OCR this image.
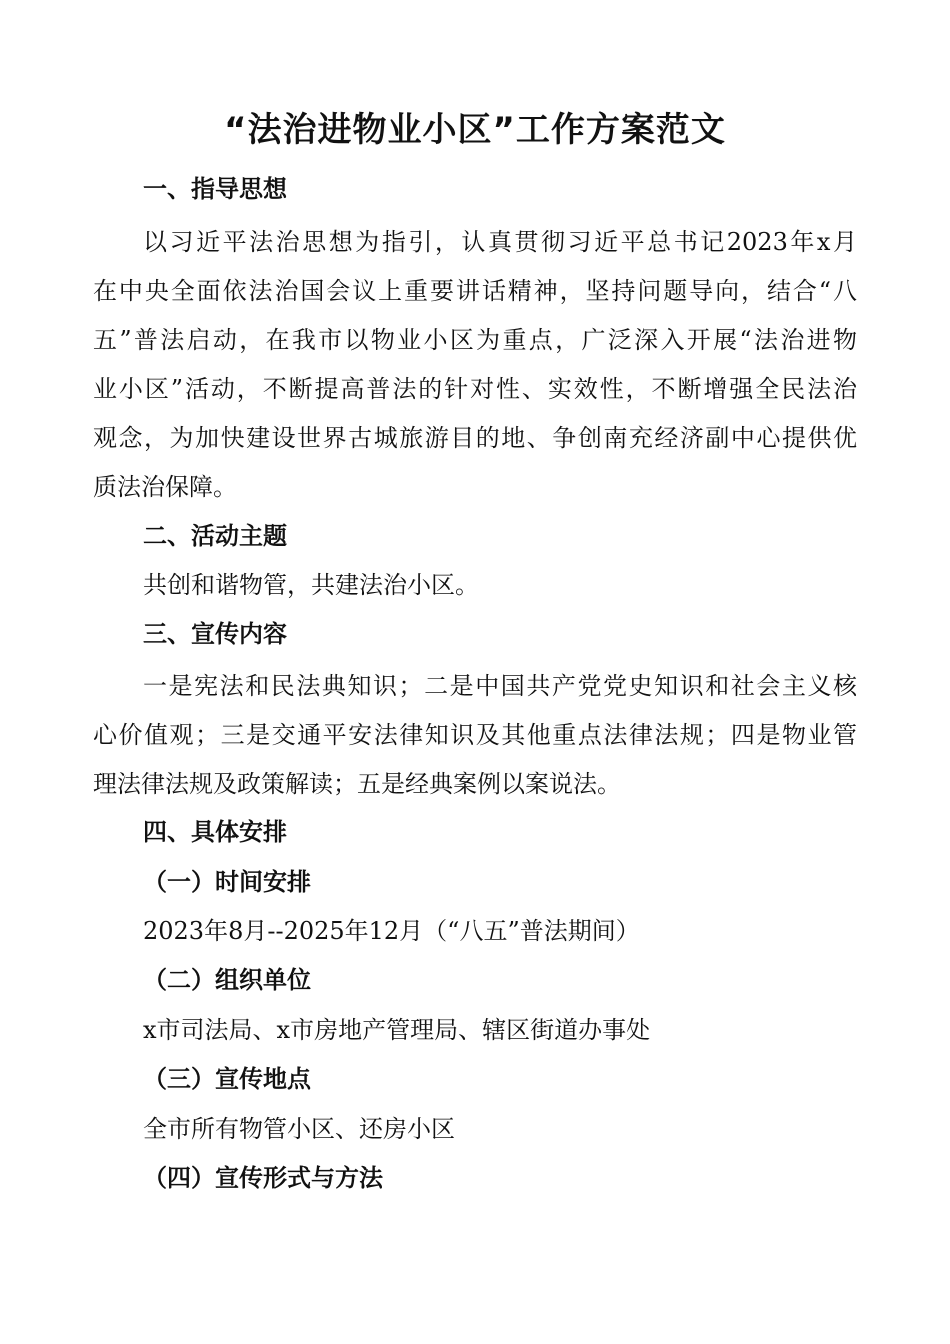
“法治进物业小区”工作方案范文
一、指导思想
以习近平法治思想为指引，认真贯彻习近平总书记2023年x月
在中央全面依法治国会议上重要讲话精神，坚持问题导向，结合“八
五”普法启动，在我市以物业小区为重点，广泛深入开展“法治进物
业小区”活动，不断提高普法的针对性、实效性，不断增强全民法治
观念，为加快建设世界古城旅游目的地、争创南充经济副中心提供优
质法治保障。
二、活动主题
共创和谐物管，共建法治小区。
三、宣传内容
一是宪法和民法典知识；二是中国共产党党史知识和社会主义核
心价值观；三是交通平安法律知识及其他重点法律法规；四是物业管
理法律法规及政策解读；五是经典案例以案说法。
四、具体安排
（一）时间安排
2023年8月--2025年12月（“八五”普法期间）
（二）组织单位
x市司法局、x市房地产管理局、辖区街道办事处
（三）宣传地点
全市所有物管小区、还房小区
（四）宣传形式与方法
